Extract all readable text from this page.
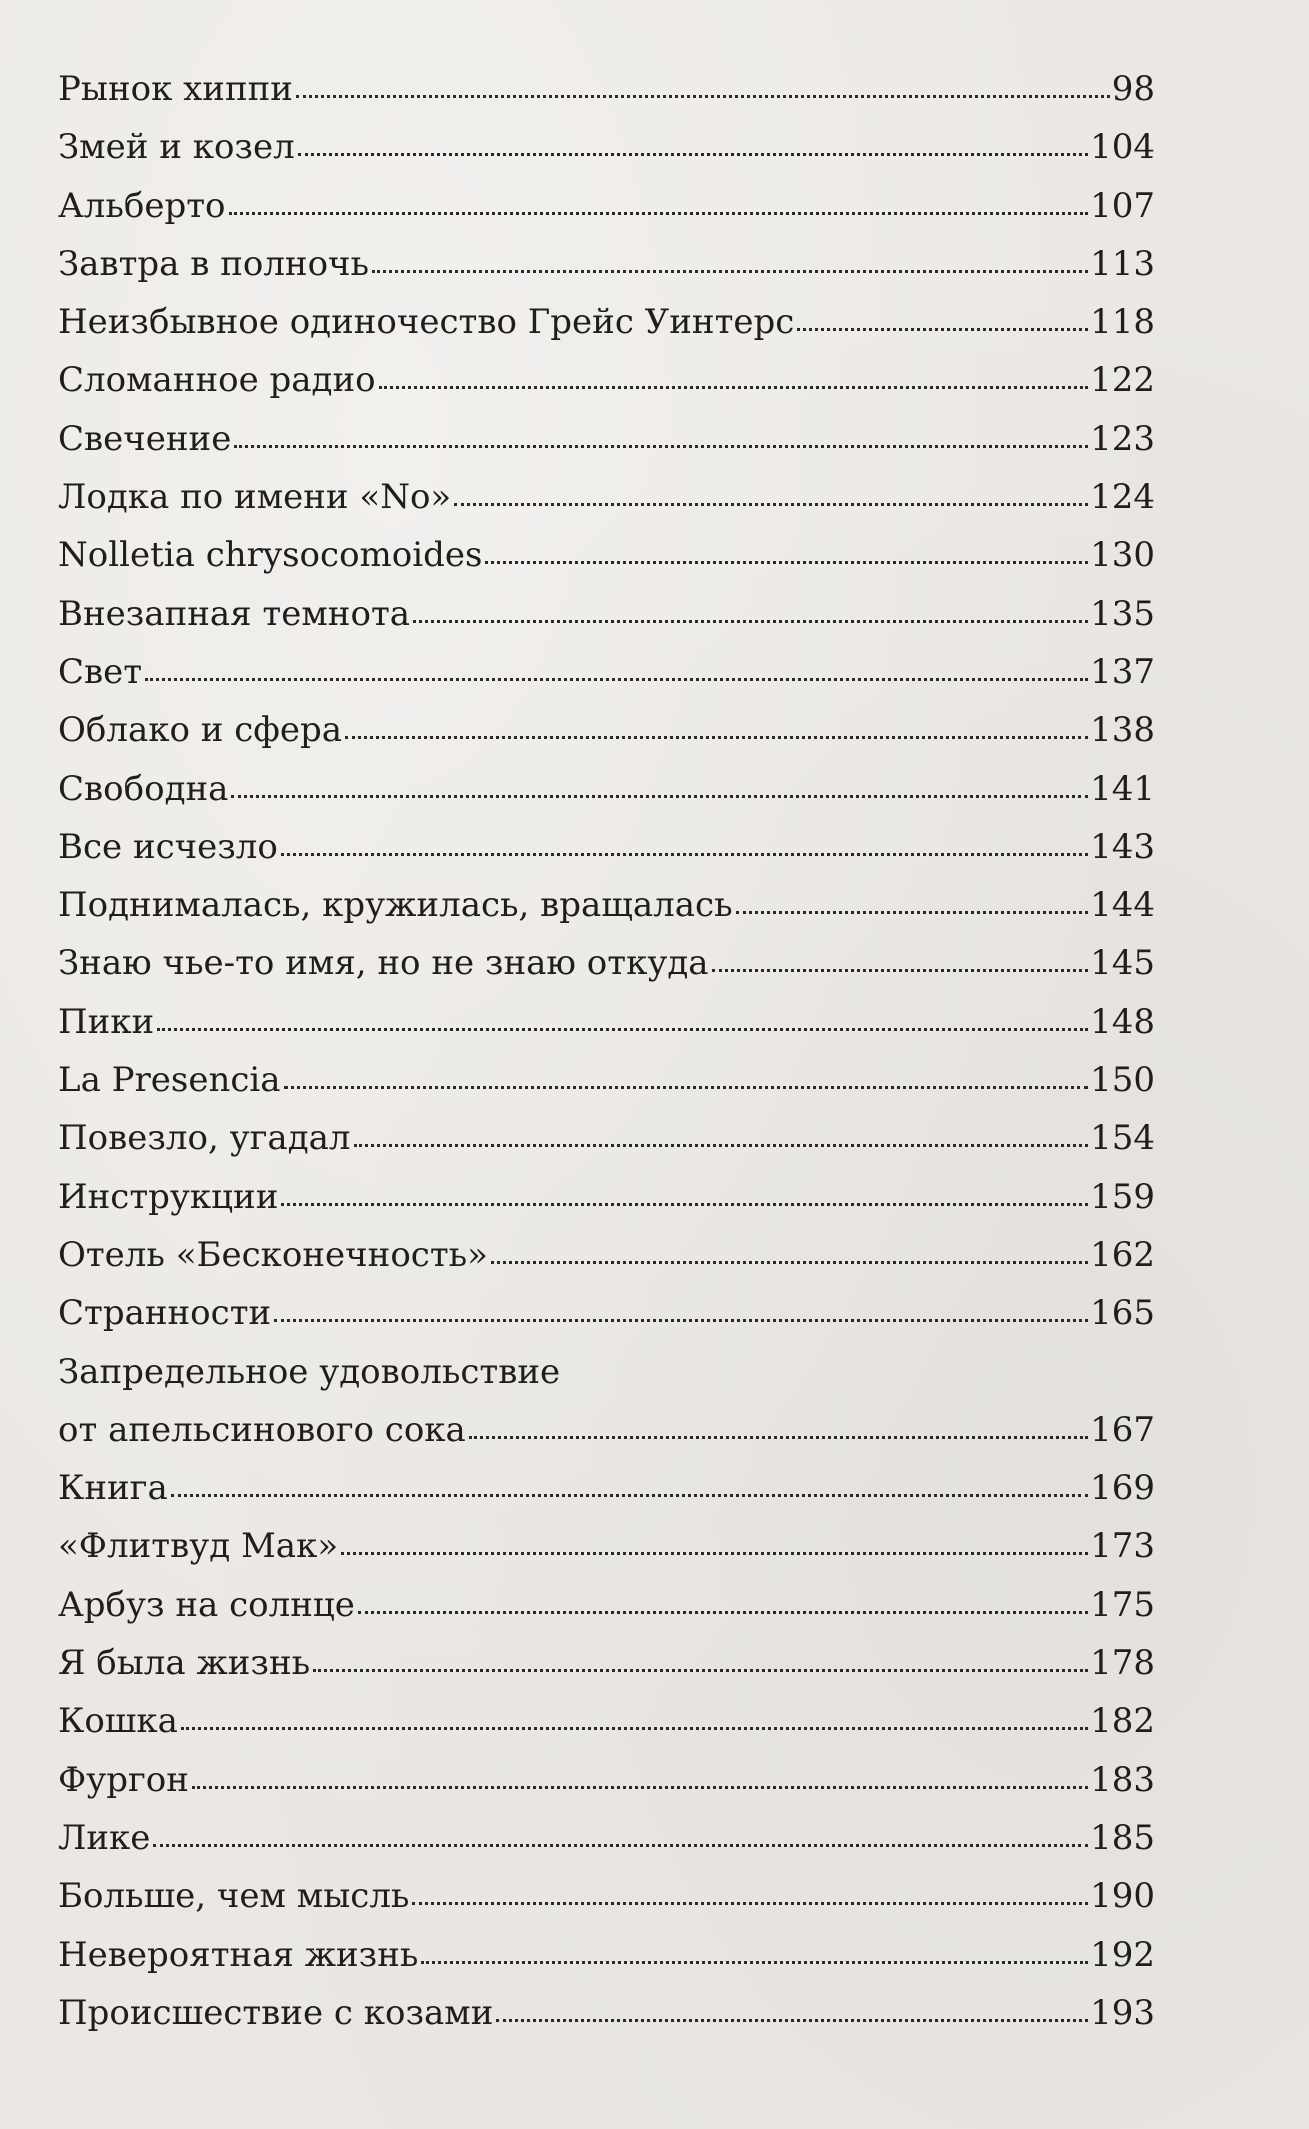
Рынок хиппи	98
Змей и козел	104
Альберто	107
Завтра в полночь	113
Неизбывное одиночество Грейс Уинтерс	118
Сломанное радио	122
Свечение	123
Лодка по имени «No»	124
Nolletia chrysocomoides	130
Внезапная темнота	135
Свет	137
Облако и сфера	138
Свободна	141
Все исчезло	143
Поднималась, кружилась, вращалась	144
Знаю чье-то имя, но не знаю откуда	145
Пики	148
La Presencia	150
Повезло, угадал	154
Инструкции	159
Отель «Бесконечность»	162
Странности	165
Запредельное удовольствие
от апельсинового сока	167
Книга	169
«Флитвуд Мак»	173
Арбуз на солнце	175
Я была жизнь	178
Кошка	182
Фургон	183
Лике	185
Больше, чем мысль	190
Невероятная жизнь	192
Происшествие с козами	193
